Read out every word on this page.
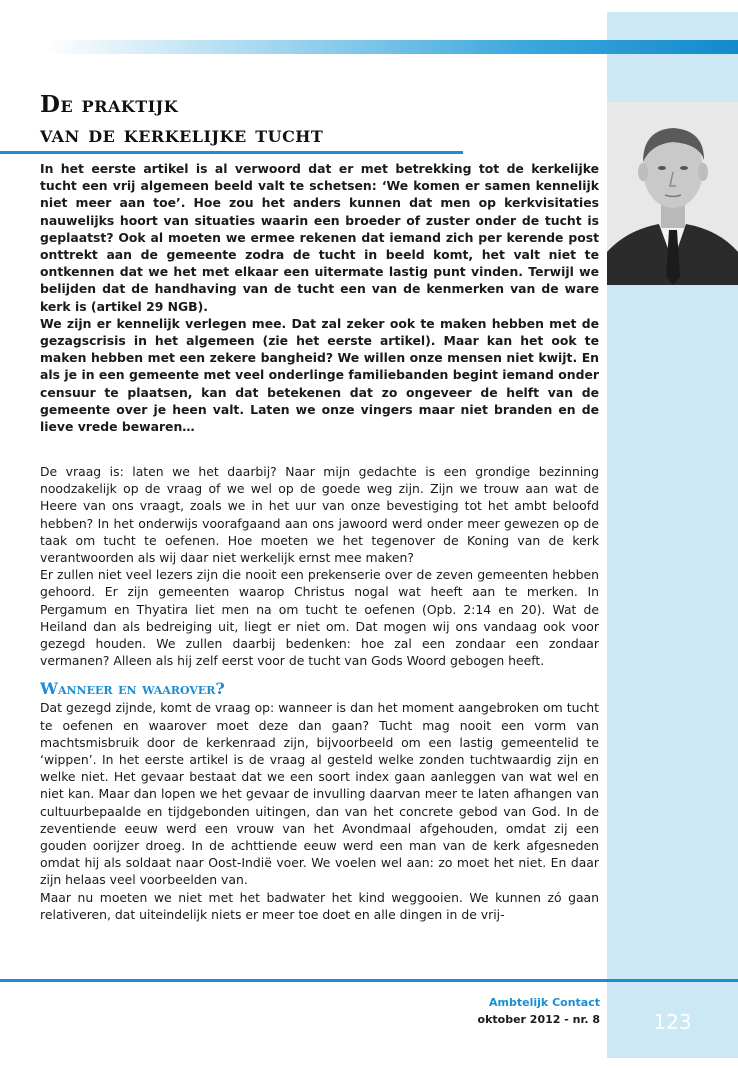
De praktijk
van de kerkelijke tucht

In het eerste artikel is al verwoord dat er met betrekking tot de kerkelijke tucht een vrij algemeen beeld valt te schetsen: ‘We komen er samen kennelijk niet meer aan toe’. Hoe zou het anders kunnen dat men op kerkvisitaties nauwelijks hoort van situaties waarin een broeder of zuster onder de tucht is geplaatst? Ook al moeten we ermee rekenen dat iemand zich per kerende post onttrekt aan de gemeente zodra de tucht in beeld komt, het valt niet te ontkennen dat we het met elkaar een uitermate lastig punt vinden. Terwijl we belijden dat de handhaving van de tucht een van de kenmerken van de ware kerk is (artikel 29 NGB).

We zijn er kennelijk verlegen mee. Dat zal zeker ook te maken hebben met de gezagscrisis in het algemeen (zie het eerste artikel). Maar kan het ook te maken hebben met een zekere bangheid? We willen onze mensen niet kwijt. En als je in een gemeente met veel onderlinge familiebanden begint iemand onder censuur te plaatsen, kan dat betekenen dat zo ongeveer de helft van de gemeente over je heen valt. Laten we onze vingers maar niet branden en de lieve vrede bewaren…

De vraag is: laten we het daarbij? Naar mijn gedachte is een grondige bezinning noodzakelijk op de vraag of we wel op de goede weg zijn. Zijn we trouw aan wat de Heere van ons vraagt, zoals we in het uur van onze bevestiging tot het ambt beloofd hebben? In het onderwijs voorafgaand aan ons jawoord werd onder meer gewezen op de taak om tucht te oefenen. Hoe moeten we het tegenover de Koning van de kerk verantwoorden als wij daar niet werkelijk ernst mee maken?

Er zullen niet veel lezers zijn die nooit een prekenserie over de zeven gemeenten hebben gehoord. Er zijn gemeenten waarop Christus nogal wat heeft aan te merken. In Pergamum en Thyatira liet men na om tucht te oefenen (Opb. 2:14 en 20). Wat de Heiland dan als bedreiging uit, liegt er niet om. Dat mogen wij ons vandaag ook voor gezegd houden. We zullen daarbij bedenken: hoe zal een zondaar een zondaar vermanen? Alleen als hij zelf eerst voor de tucht van Gods Woord gebogen heeft.

Wanneer en waarover?

Dat gezegd zijnde, komt de vraag op: wanneer is dan het moment aangebroken om tucht te oefenen en waarover moet deze dan gaan? Tucht mag nooit een vorm van machtsmisbruik door de kerkenraad zijn, bijvoorbeeld om een lastig gemeentelid te ‘wippen’. In het eerste artikel is de vraag al gesteld welke zonden tuchtwaardig zijn en welke niet. Het gevaar bestaat dat we een soort index gaan aanleggen van wat wel en niet kan. Maar dan lopen we het gevaar de invulling daarvan meer te laten afhangen van cultuurbepaalde en tijdgebonden uitingen, dan van het concrete gebod van God. In de zeventiende eeuw werd een vrouw van het Avondmaal afgehouden, omdat zij een gouden oorijzer droeg. In de achttiende eeuw werd een man van de kerk afgesneden omdat hij als soldaat naar Oost-Indië voer. We voelen wel aan: zo moet het niet. En daar zijn helaas veel voorbeelden van.

Maar nu moeten we niet met het badwater het kind weggooien. We kunnen zó gaan relativeren, dat uiteindelijk niets er meer toe doet en alle dingen in de vrij-

Ambtelijk Contact
oktober 2012 - nr. 8	123
